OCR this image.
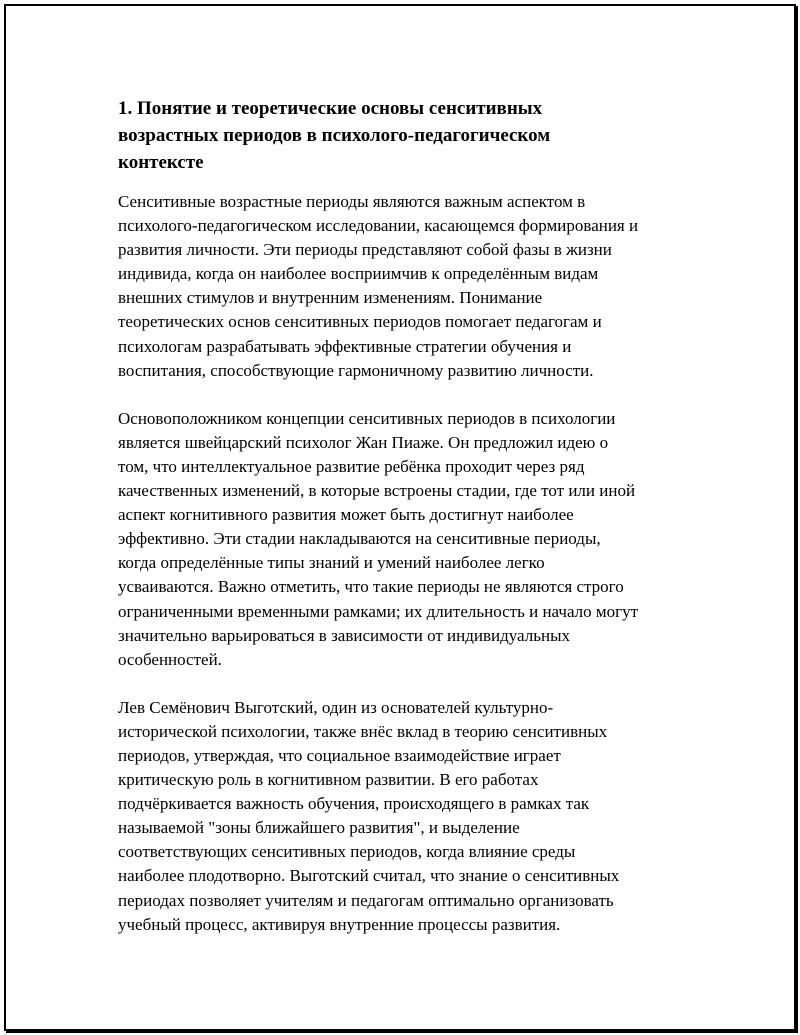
1. Понятие и теоретические основы сенситивных
возрастных периодов в психолого-педагогическом
контексте

Сенситивные возрастные периоды являются важным аспектом в
психолого-педагогическом исследовании, касающемся формирования и
развития личности. Эти периоды представляют собой фазы в жизни
индивида, когда он наиболее восприимчив к определённым видам
внешних стимулов и внутренним изменениям. Понимание
теоретических основ сенситивных периодов помогает педагогам и
психологам разрабатывать эффективные стратегии обучения и
воспитания, способствующие гармоничному развитию личности.

Основоположником концепции сенситивных периодов в психологии
является швейцарский психолог Жан Пиаже. Он предложил идею о
том, что интеллектуальное развитие ребёнка проходит через ряд
качественных изменений, в которые встроены стадии, где тот или иной
аспект когнитивного развития может быть достигнут наиболее
эффективно. Эти стадии накладываются на сенситивные периоды,
когда определённые типы знаний и умений наиболее легко
усваиваются. Важно отметить, что такие периоды не являются строго
ограниченными временными рамками; их длительность и начало могут
значительно варьироваться в зависимости от индивидуальных
особенностей.

Лев Семёнович Выготский, один из основателей культурно-
исторической психологии, также внёс вклад в теорию сенситивных
периодов, утверждая, что социальное взаимодействие играет
критическую роль в когнитивном развитии. В его работах
подчёркивается важность обучения, происходящего в рамках так
называемой "зоны ближайшего развития", и выделение
соответствующих сенситивных периодов, когда влияние среды
наиболее плодотворно. Выготский считал, что знание о сенситивных
периодах позволяет учителям и педагогам оптимально организовать
учебный процесс, активируя внутренние процессы развития.
